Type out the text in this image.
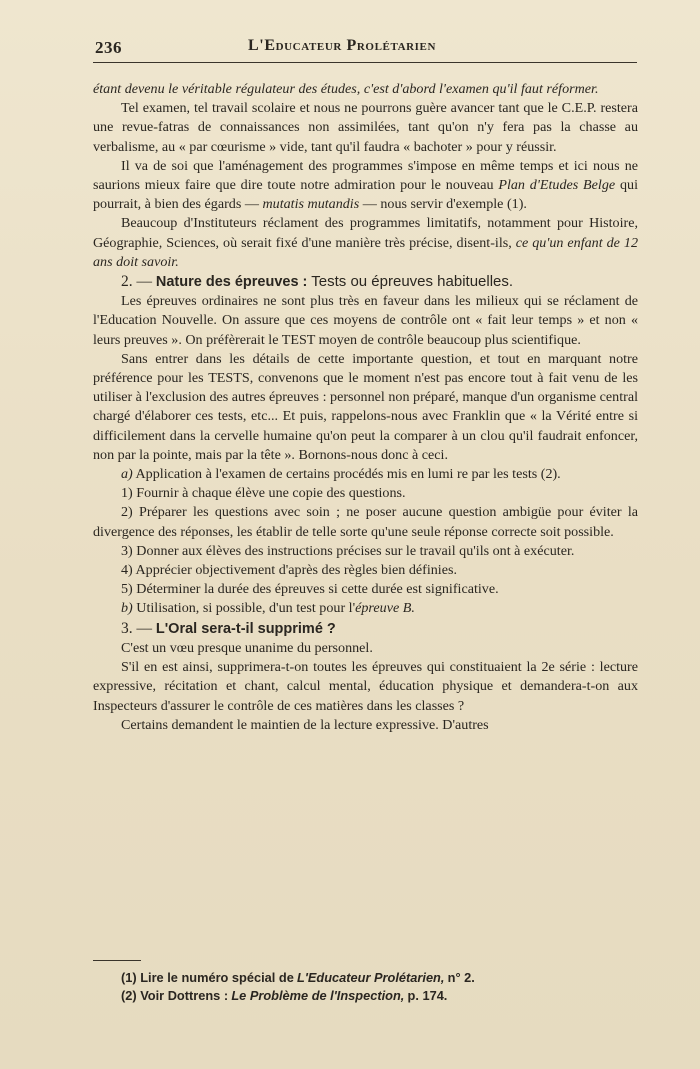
236	L'Educateur Prolétarien

étant devenu le véritable régulateur des études, c'est d'abord l'examen qu'il faut réformer.

Tel examen, tel travail scolaire et nous ne pourrons guère avancer tant que le C.E.P. restera une revue-fatras de connaissances non assimilées, tant qu'on n'y fera pas la chasse au verbalisme, au « par cœurisme » vide, tant qu'il faudra « bachoter » pour y réussir.

Il va de soi que l'aménagement des programmes s'impose en même temps et ici nous ne saurions mieux faire que dire toute notre admiration pour le nouveau Plan d'Etudes Belge qui pourrait, à bien des égards — mutatis mutandis — nous servir d'exemple (1).

Beaucoup d'Instituteurs réclament des programmes limitatifs, notamment pour Histoire, Géographie, Sciences, où serait fixé d'une manière très précise, disent-ils, ce qu'un enfant de 12 ans doit savoir.

2. — Nature des épreuves : Tests ou épreuves habituelles.

Les épreuves ordinaires ne sont plus très en faveur dans les milieux qui se réclament de l'Education Nouvelle. On assure que ces moyens de contrôle ont « fait leur temps » et non « leurs preuves ». On préfèrerait le TEST moyen de contrôle beaucoup plus scientifique.

Sans entrer dans les détails de cette importante question, et tout en marquant notre préférence pour les TESTS, convenons que le moment n'est pas encore tout à fait venu de les utiliser à l'exclusion des autres épreuves : personnel non préparé, manque d'un organisme central chargé d'élaborer ces tests, etc... Et puis, rappelons-nous avec Franklin que « la Vérité entre si difficilement dans la cervelle humaine qu'on peut la comparer à un clou qu'il faudrait enfoncer, non par la pointe, mais par la tête ». Bornons-nous donc à ceci.

a) Application à l'examen de certains procédés mis en lumi re par les tests (2).

1) Fournir à chaque élève une copie des questions.

2) Préparer les questions avec soin ; ne poser aucune question ambigüe pour éviter la divergence des réponses, les établir de telle sorte qu'une seule réponse correcte soit possible.

3) Donner aux élèves des instructions précises sur le travail qu'ils ont à exécuter.

4) Apprécier objectivement d'après des règles bien définies.

5) Déterminer la durée des épreuves si cette durée est significative.

b) Utilisation, si possible, d'un test pour l'épreuve B.

3. — L'Oral sera-t-il supprimé ?

C'est un vœu presque unanime du personnel.

S'il en est ainsi, supprimera-t-on toutes les épreuves qui constituaient la 2e série : lecture expressive, récitation et chant, calcul mental, éducation physique et demandera-t-on aux Inspecteurs d'assurer le contrôle de ces matières dans les classes ?

Certains demandent le maintien de la lecture expressive. D'autres

(1) Lire le numéro spécial de L'Educateur Prolétarien, n° 2.

(2) Voir Dottrens : Le Problème de l'Inspection, p. 174.
